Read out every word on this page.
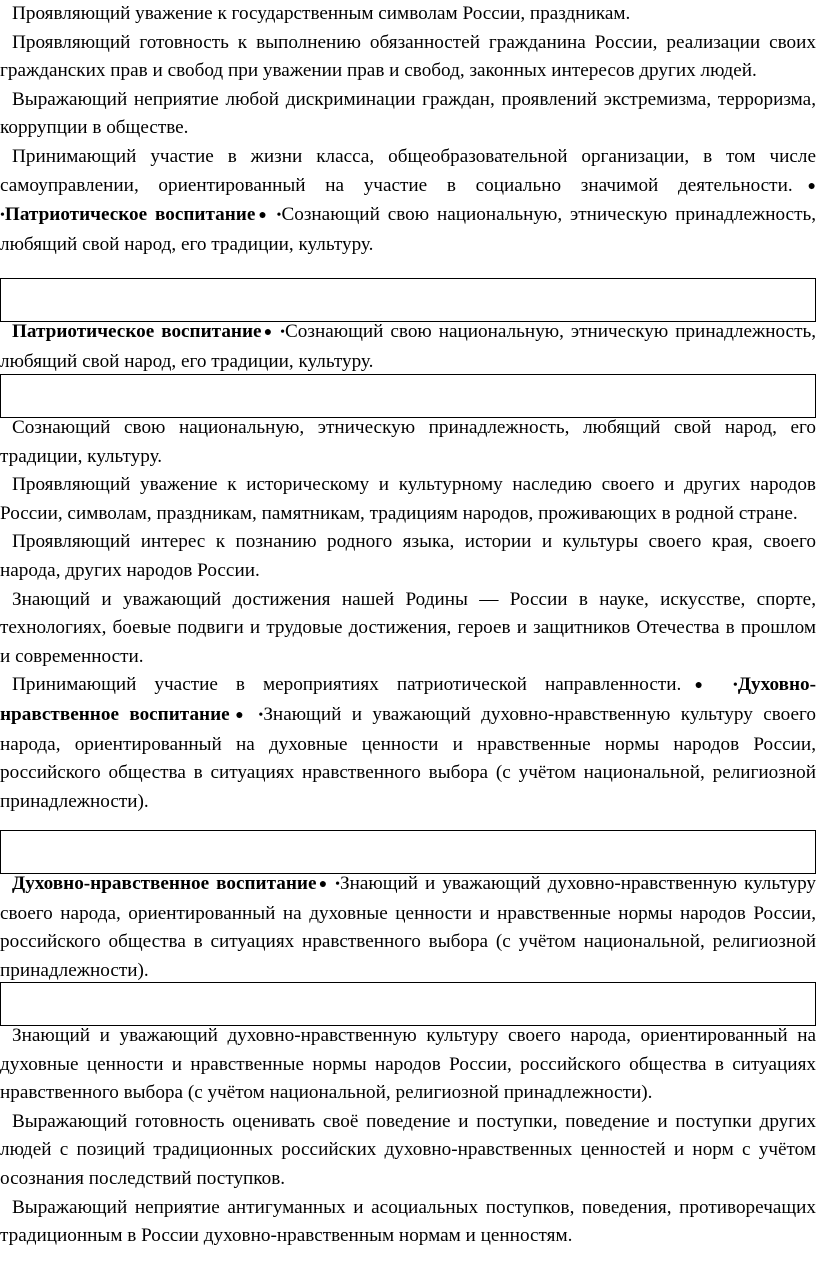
Проявляющий уважение к государственным символам России, праздникам.

Проявляющий готовность к выполнению обязанностей гражданина России, реализации своих гражданских прав и свобод при уважении прав и свобод, законных интересов других людей.

Выражающий неприятие любой дискриминации граждан, проявлений экстремизма, терроризма, коррупции в обществе.

Принимающий участие в жизни класса, общеобразовательной организации, в том числе самоуправлении, ориентированный на участие в социально значимой деятельности.● •Патриотическое воспитание● •Сознающий свою национальную, этническую принадлежность, любящий свой народ, его традиции, культуру.

Патриотическое воспитание● •Сознающий свою национальную, этническую принадлежность, любящий свой народ, его традиции, культуру.

Сознающий свою национальную, этническую принадлежность, любящий свой народ, его традиции, культуру.

Проявляющий уважение к историческому и культурному наследию своего и других народов России, символам, праздникам, памятникам, традициям народов, проживающих в родной стране.

Проявляющий интерес к познанию родного языка, истории и культуры своего края, своего народа, других народов России.

Знающий и уважающий достижения нашей Родины — России в науке, искусстве, спорте, технологиях, боевые подвиги и трудовые достижения, героев и защитников Отечества в прошлом и современности.

Принимающий участие в мероприятиях патриотической направленности.● •Духовно-нравственное воспитание● •Знающий и уважающий духовно-нравственную культуру своего народа, ориентированный на духовные ценности и нравственные нормы народов России, российского общества в ситуациях нравственного выбора (с учётом национальной, религиозной принадлежности).

Духовно-нравственное воспитание● •Знающий и уважающий духовно-нравственную культуру своего народа, ориентированный на духовные ценности и нравственные нормы народов России, российского общества в ситуациях нравственного выбора (с учётом национальной, религиозной принадлежности).

Знающий и уважающий духовно-нравственную культуру своего народа, ориентированный на духовные ценности и нравственные нормы народов России, российского общества в ситуациях нравственного выбора (с учётом национальной, религиозной принадлежности).

Выражающий готовность оценивать своё поведение и поступки, поведение и поступки других людей с позиций традиционных российских духовно-нравственных ценностей и норм с учётом осознания последствий поступков.

Выражающий неприятие антигуманных и асоциальных поступков, поведения, противоречащих традиционным в России духовно-нравственным нормам и ценностям.
